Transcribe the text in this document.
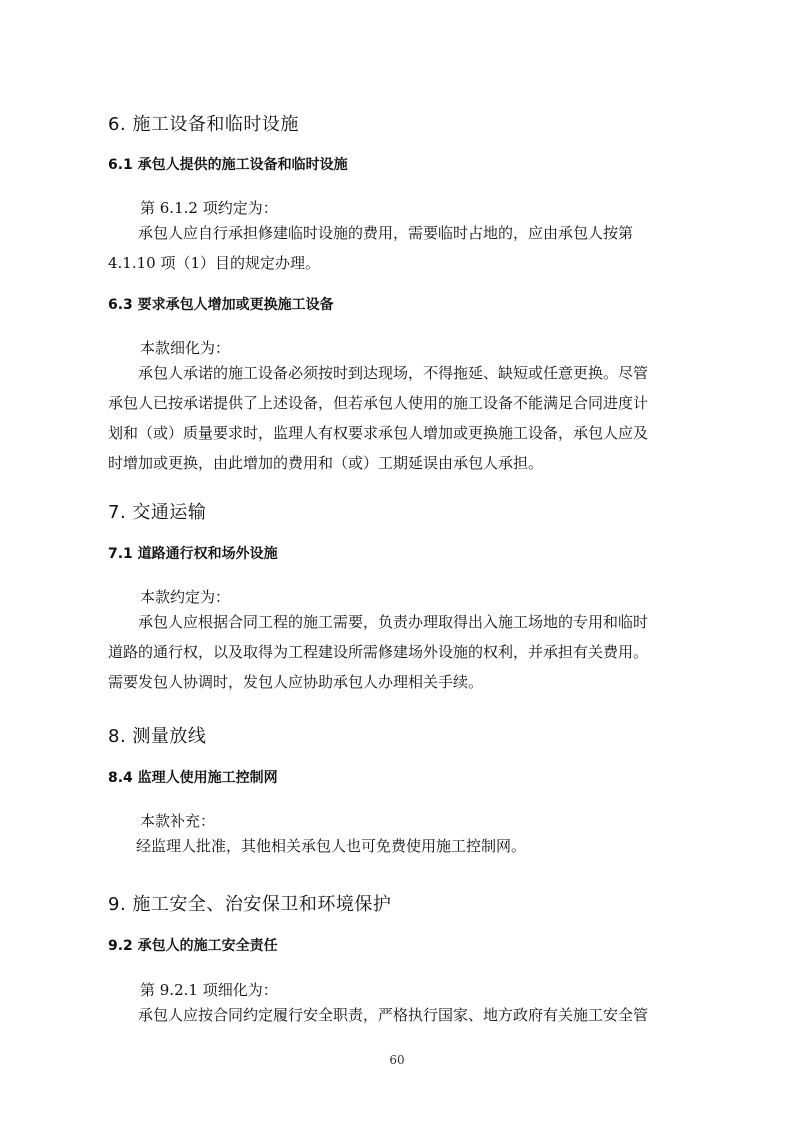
6. 施工设备和临时设施
6.1 承包人提供的施工设备和临时设施
第 6.1.2 项约定为：
承包人应自行承担修建临时设施的费用，需要临时占地的，应由承包人按第
4.1.10 项（1）目的规定办理。
6.3 要求承包人增加或更换施工设备
本款细化为：
承包人承诺的施工设备必须按时到达现场，不得拖延、缺短或任意更换。尽管
承包人已按承诺提供了上述设备，但若承包人使用的施工设备不能满足合同进度计
划和（或）质量要求时，监理人有权要求承包人增加或更换施工设备，承包人应及
时增加或更换，由此增加的费用和（或）工期延误由承包人承担。
7. 交通运输
7.1 道路通行权和场外设施
本款约定为：
承包人应根据合同工程的施工需要，负责办理取得出入施工场地的专用和临时
道路的通行权，以及取得为工程建设所需修建场外设施的权利，并承担有关费用。
需要发包人协调时，发包人应协助承包人办理相关手续。
8. 测量放线
8.4 监理人使用施工控制网
本款补充：
经监理人批准，其他相关承包人也可免费使用施工控制网。
9. 施工安全、治安保卫和环境保护
9.2 承包人的施工安全责任
第 9.2.1 项细化为：
承包人应按合同约定履行安全职责，严格执行国家、地方政府有关施工安全管
60
